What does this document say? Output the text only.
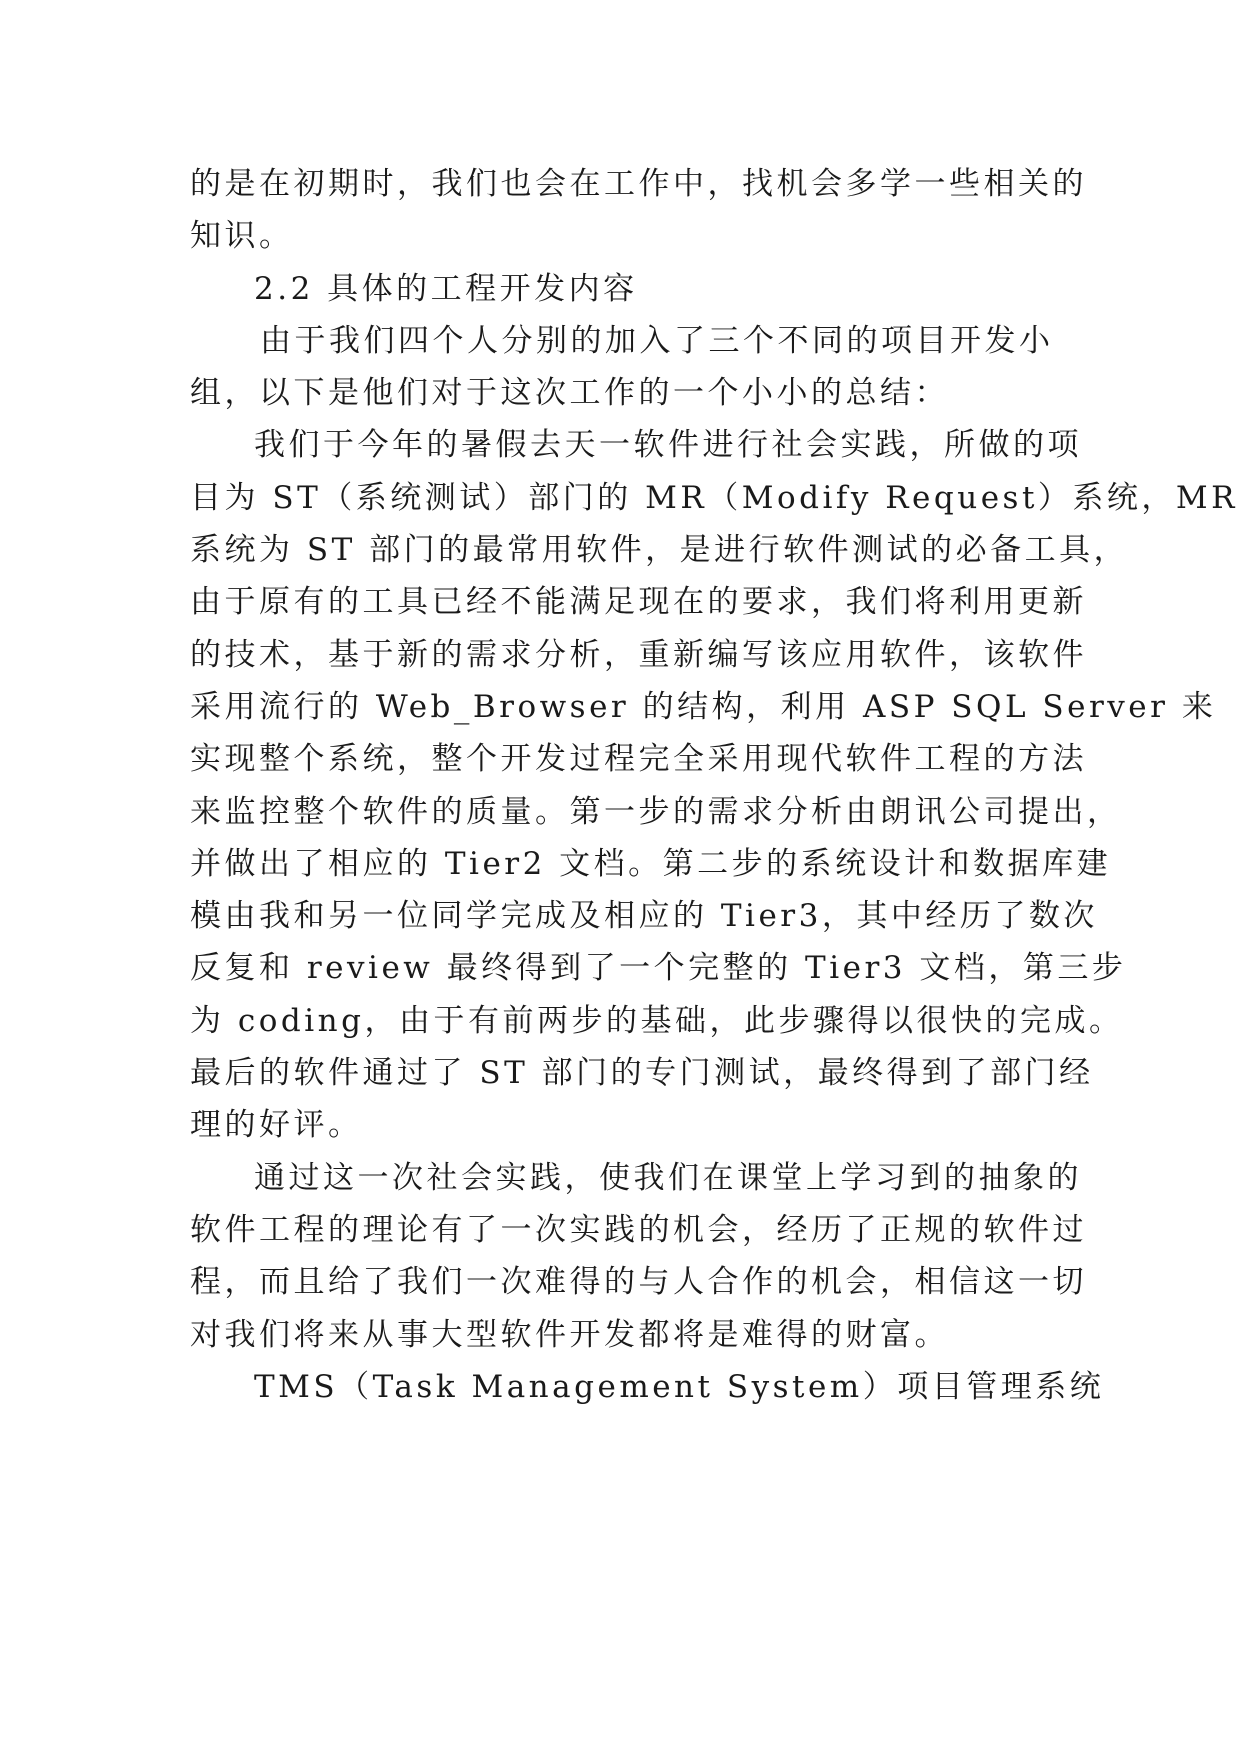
的是在初期时，我们也会在工作中，找机会多学一些相关的
知识。
2.2 具体的工程开发内容
由于我们四个人分别的加入了三个不同的项目开发小
组，以下是他们对于这次工作的一个小小的总结：
我们于今年的暑假去天一软件进行社会实践，所做的项
目为 ST（系统测试）部门的 MR（Modify Request）系统，MR
系统为 ST 部门的最常用软件，是进行软件测试的必备工具，
由于原有的工具已经不能满足现在的要求，我们将利用更新
的技术，基于新的需求分析，重新编写该应用软件，该软件
采用流行的 Web_Browser 的结构，利用 ASP SQL Server 来
实现整个系统，整个开发过程完全采用现代软件工程的方法
来监控整个软件的质量。第一步的需求分析由朗讯公司提出，
并做出了相应的 Tier2 文档。第二步的系统设计和数据库建
模由我和另一位同学完成及相应的 Tier3，其中经历了数次
反复和 review 最终得到了一个完整的 Tier3 文档，第三步
为 coding，由于有前两步的基础，此步骤得以很快的完成。
最后的软件通过了 ST 部门的专门测试，最终得到了部门经
理的好评。
通过这一次社会实践，使我们在课堂上学习到的抽象的
软件工程的理论有了一次实践的机会，经历了正规的软件过
程，而且给了我们一次难得的与人合作的机会，相信这一切
对我们将来从事大型软件开发都将是难得的财富。
TMS（Task Management System）项目管理系统
